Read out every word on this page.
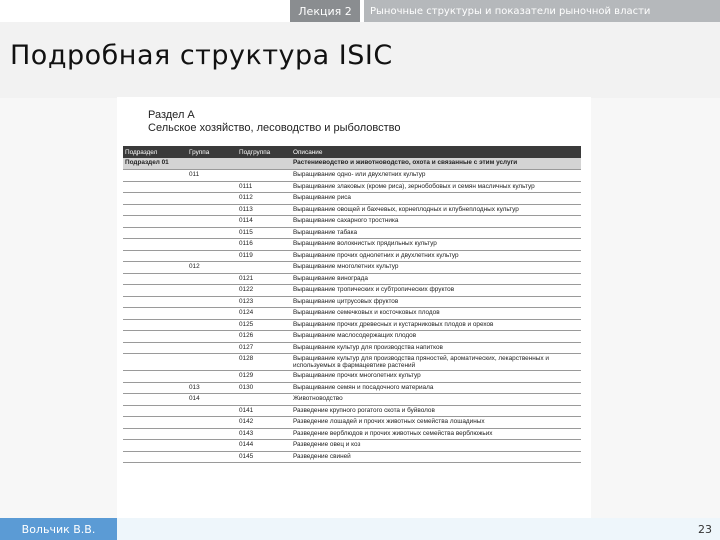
Лекция 2	Рыночные структуры и показатели рыночной власти
Подробная структура ISIC
Раздел A
Сельское хозяйство, лесоводство и рыболовство
Подраздел	Группа	Подгруппа	Описание
Подраздел 01			Растениеводство и животноводство, охота и связанные с этим услуги
	011		Выращивание одно- или двухлетних культур
		0111	Выращивание злаковых (кроме риса), зернобобовых и семян масличных культур
		0112	Выращивание риса
		0113	Выращивание овощей и бахчевых, корнеплодных и клубнеплодных культур
		0114	Выращивание сахарного тростника
		0115	Выращивание табака
		0116	Выращивание волокнистых прядильных культур
		0119	Выращивание прочих однолетних и двухлетних культур
	012		Выращивание многолетних культур
		0121	Выращивание винограда
		0122	Выращивание тропических и субтропических фруктов
		0123	Выращивание цитрусовых фруктов
		0124	Выращивание семечковых и косточковых плодов
		0125	Выращивание прочих древесных и кустарниковых плодов и орехов
		0126	Выращивание маслосодержащих плодов
		0127	Выращивание культур для производства напитков
		0128	Выращивание культур для производства пряностей, ароматических, лекарственных и используемых в фармацевтике растений
		0129	Выращивание прочих многолетних культур
	013	0130	Выращивание семян и посадочного материала
	014		Животноводство
		0141	Разведение крупного рогатого скота и буйволов
		0142	Разведение лошадей и прочих животных семейства лошадиных
		0143	Разведение верблюдов и прочих животных семейства верблюжьих
		0144	Разведение овец и коз
		0145	Разведение свиней
Вольчик В.В.	23
